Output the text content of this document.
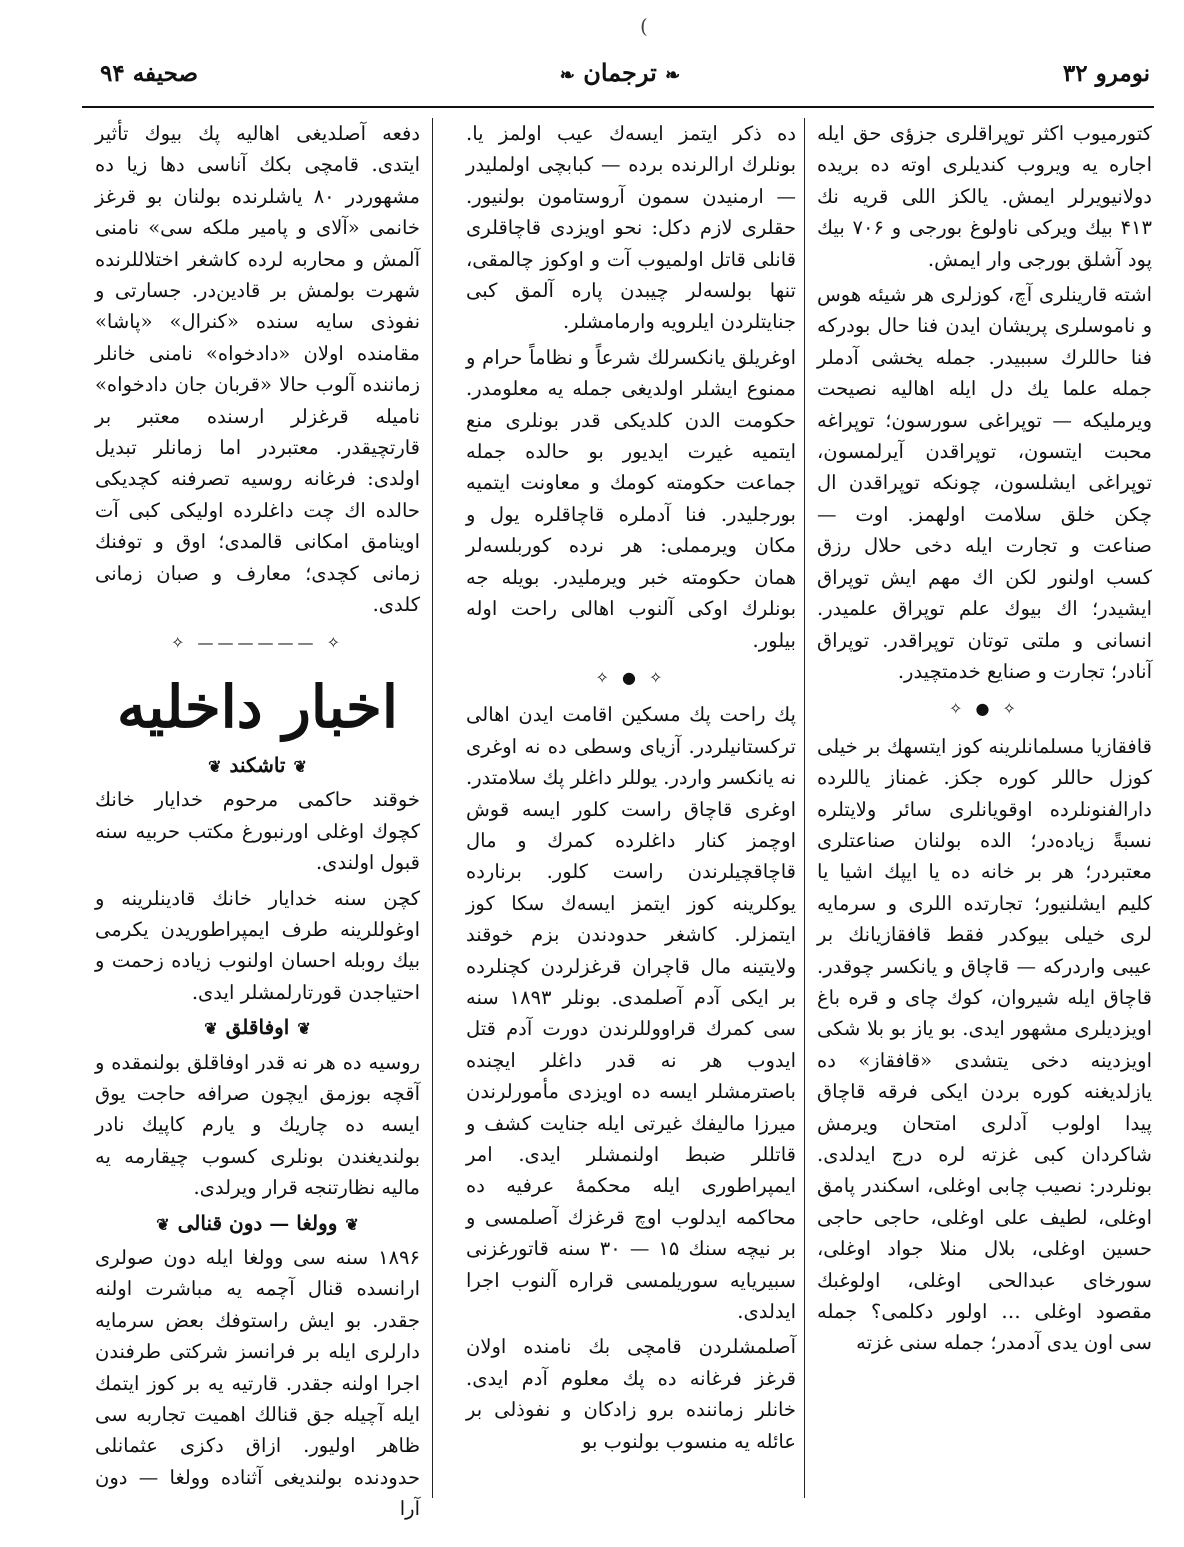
(
نومرو ۳۲
❧ ترجمان ❧
صحيفه ۹۴

كتورميوب اكثر توپراقلرى جزؤى حق ايله اجاره يه ويروب كنديلرى اوته ده بريده دولانيويرلر ايمش. يالكز اللى قريه نك ۴۱۳ بيك ويركى ناولوغ بورجى و ۷۰۶ بيك پود آشلق بورجى وار ايمش.

اشته قارينلرى آچ، كوزلرى هر شيئه هوس و ناموسلرى پريشان ايدن فنا حال بودركه فنا حاللرك سببيدر. جمله يخشى آدملر جمله علما يك دل ايله اهاليه نصيحت ويرمليكه — توپراغى سورسون؛ توپراغه محبت ايتسون، توپراقدن آيرلمسون، توپراغى ايشلسون، چونكه توپراقدن ال چكن خلق سلامت اولهمز. اوت — صناعت و تجارت ايله دخى حلال رزق كسب اولنور لكن اك مهم ايش توپراق ايشيدر؛ اك بيوك علم توپراق علميدر. انسانى و ملتى توتان توپراقدر. توپراق آنادر؛ تجارت و صنايع خدمتچيدر.

✧ ● ✧

قافقازيا مسلمانلرينه كوز ايتسهك بر خيلى كوزل حاللر كوره جكز. غمناز ياللرده دارالفنونلرده اوقويانلرى سائر ولايتلره نسبةً زياده‌در؛ الده بولنان صناعتلرى معتبردر؛ هر بر خانه ده يا ايپك اشيا يا كليم ايشلنيور؛ تجارتده اللرى و سرمايه لرى خيلى بيوكدر فقط قافقازيانك بر عيبى واردركه — قاچاق و يانكسر چوقدر. قاچاق ايله شيروان، كوك چاى و قره باغ اويزديلرى مشهور ايدى. بو ياز بو بلا شكى اويزدينه دخى يتشدى «قافقاز» ده يازلديغنه كوره بردن ايكى فرقه قاچاق پيدا اولوب آدلرى امتحان ويرمش شاكردان كبى غزته لره درج ايدلدى. بونلردر: نصيب چابى اوغلى، اسكندر پامق اوغلى، لطيف على اوغلى، حاجى حاجى حسين اوغلى، بلال منلا جواد اوغلى، سورخاى عبدالحى اوغلى، اولوغبك مقصود اوغلى … اولور دكلمى؟ جمله سى اون يدى آدمدر؛ جمله سنى غزته

ده ذكر ايتمز ايسه‌ك عيب اولمز يا. بونلرك ارالرنده برده — كبابچى اولمليدر — ارمنيدن سمون آروستامون بولنيور. حقلرى لازم دكل: نحو اويزدى قاچاقلرى قانلى قاتل اولميوب آت و اوكوز چالمقى، تنها بولسه‌لر چيبدن پاره آلمق كبى جنايتلردن ايلرويه وارمامشلر.

اوغريلق يانكسرلك شرعاً و نظاماً حرام و ممنوع ايشلر اولديغى جمله يه معلومدر. حكومت الدن كلديكى قدر بونلرى منع ايتميه غيرت ايديور بو حالده جمله جماعت حكومته كومك و معاونت ايتميه بورجليدر. فنا آدملره قاچاقلره يول و مكان ويرمملى: هر نرده كوربلسه‌لر همان حكومته خبر ويرمليدر. بويله جه بونلرك اوكى آلنوب اهالى راحت اوله بيلور.

✧ ● ✧

پك راحت پك مسكين اقامت ايدن اهالى تركستانيلردر. آزياى وسطى ده نه اوغرى نه يانكسر واردر. يوللر داغلر پك سلامتدر. اوغرى قاچاق راست كلور ايسه قوش اوچمز كنار داغلرده كمرك و مال قاچاقچيلرندن راست كلور. برنارده يوكلرينه كوز ايتمز ايسه‌ك سكا كوز ايتمزلر. كاشغر حدودندن بزم خوقند ولايتينه مال قاچران قرغزلردن كچنلرده بر ايكى آدم آصلمدى. بونلر ۱۸۹۳ سنه سى كمرك قراووللرندن دورت آدم قتل ايدوب هر نه قدر داغلر ايچنده باصترمشلر ايسه ده اويزدى مأمورلرندن ميرزا ماليفك غيرتى ايله جنايت كشف و قاتللر ضبط اولنمشلر ايدى. امر ايمپراطورى ايله محكمۀ عرفيه ده محاكمه ايدلوب اوچ قرغزك آصلمسى و بر نيچه سنك ۱۵ — ۳۰ سنه قاتورغزنى سبيريايه سوريلمسى قراره آلنوب اجرا ايدلدى.

آصلمشلردن قامچى بك نامنده اولان قرغز فرغانه ده پك معلوم آدم ايدى. خانلر زماننده برو زادكان و نفوذلى بر عائله يه منسوب بولنوب بو

دفعه آصلديغى اهاليه پك بيوك تأثير ايتدى. قامچى بكك آناسى دها زيا ده مشهوردر ۸۰ ياشلرنده بولنان بو قرغز خانمى «آلاى و پامير ملكه سى» نامنى آلمش و محاربه لرده كاشغر اختلاللرنده شهرت بولمش بر قادين‌در. جسارتى و نفوذى سايه سنده «كنرال» «پاشا» مقامنده اولان «دادخواه» نامنى خانلر زماننده آلوب حالا «قربان جان دادخواه» ناميله قرغزلر ارسنده معتبر بر قارتچيقدر. معتبردر اما زمانلر تبديل اولدى: فرغانه روسيه تصرفنه كچديكى حالده اك چت داغلرده اوليكى كبى آت اوينامق امكانى قالمدى؛ اوق و توفنك زمانى كچدى؛ معارف و صبان زمانى كلدى.

✧ —————— ✧
اخبار داخليه
❦تاشكند❦

خوقند حاكمى مرحوم خدايار خانك كچوك اوغلى اورنبورغ مكتب حربيه سنه قبول اولندى.

كچن سنه خدايار خانك قادينلرينه و اوغوللرينه طرف ايمپراطوريدن يكرمى بيك روبله احسان اولنوب زياده زحمت و احتياجدن قورتارلمشلر ايدى.

❦اوفاقلق❦

روسيه ده هر نه قدر اوفاقلق بولنمقده و آقچه بوزمق ايچون صرافه حاجت يوق ايسه ده چاريك و يارم كاپيك نادر بولنديغندن بونلرى كسوب چيقارمه يه ماليه نظارتنجه قرار ويرلدى.

❦وولغا — دون قنالى❦

۱۸۹۶ سنه سى وولغا ايله دون صولرى ارانسده قنال آچمه يه مباشرت اولنه جقدر. بو ايش راستوفك بعض سرمايه دارلرى ايله بر فرانسز شركتى طرفندن اجرا اولنه جقدر. قارتيه يه بر كوز ايتمك ايله آچيله جق قنالك اهميت تجاربه سى ظاهر اوليور. ازاق دكزى عثمانلى حدودنده بولنديغى آثناده وولغا — دون آرا
